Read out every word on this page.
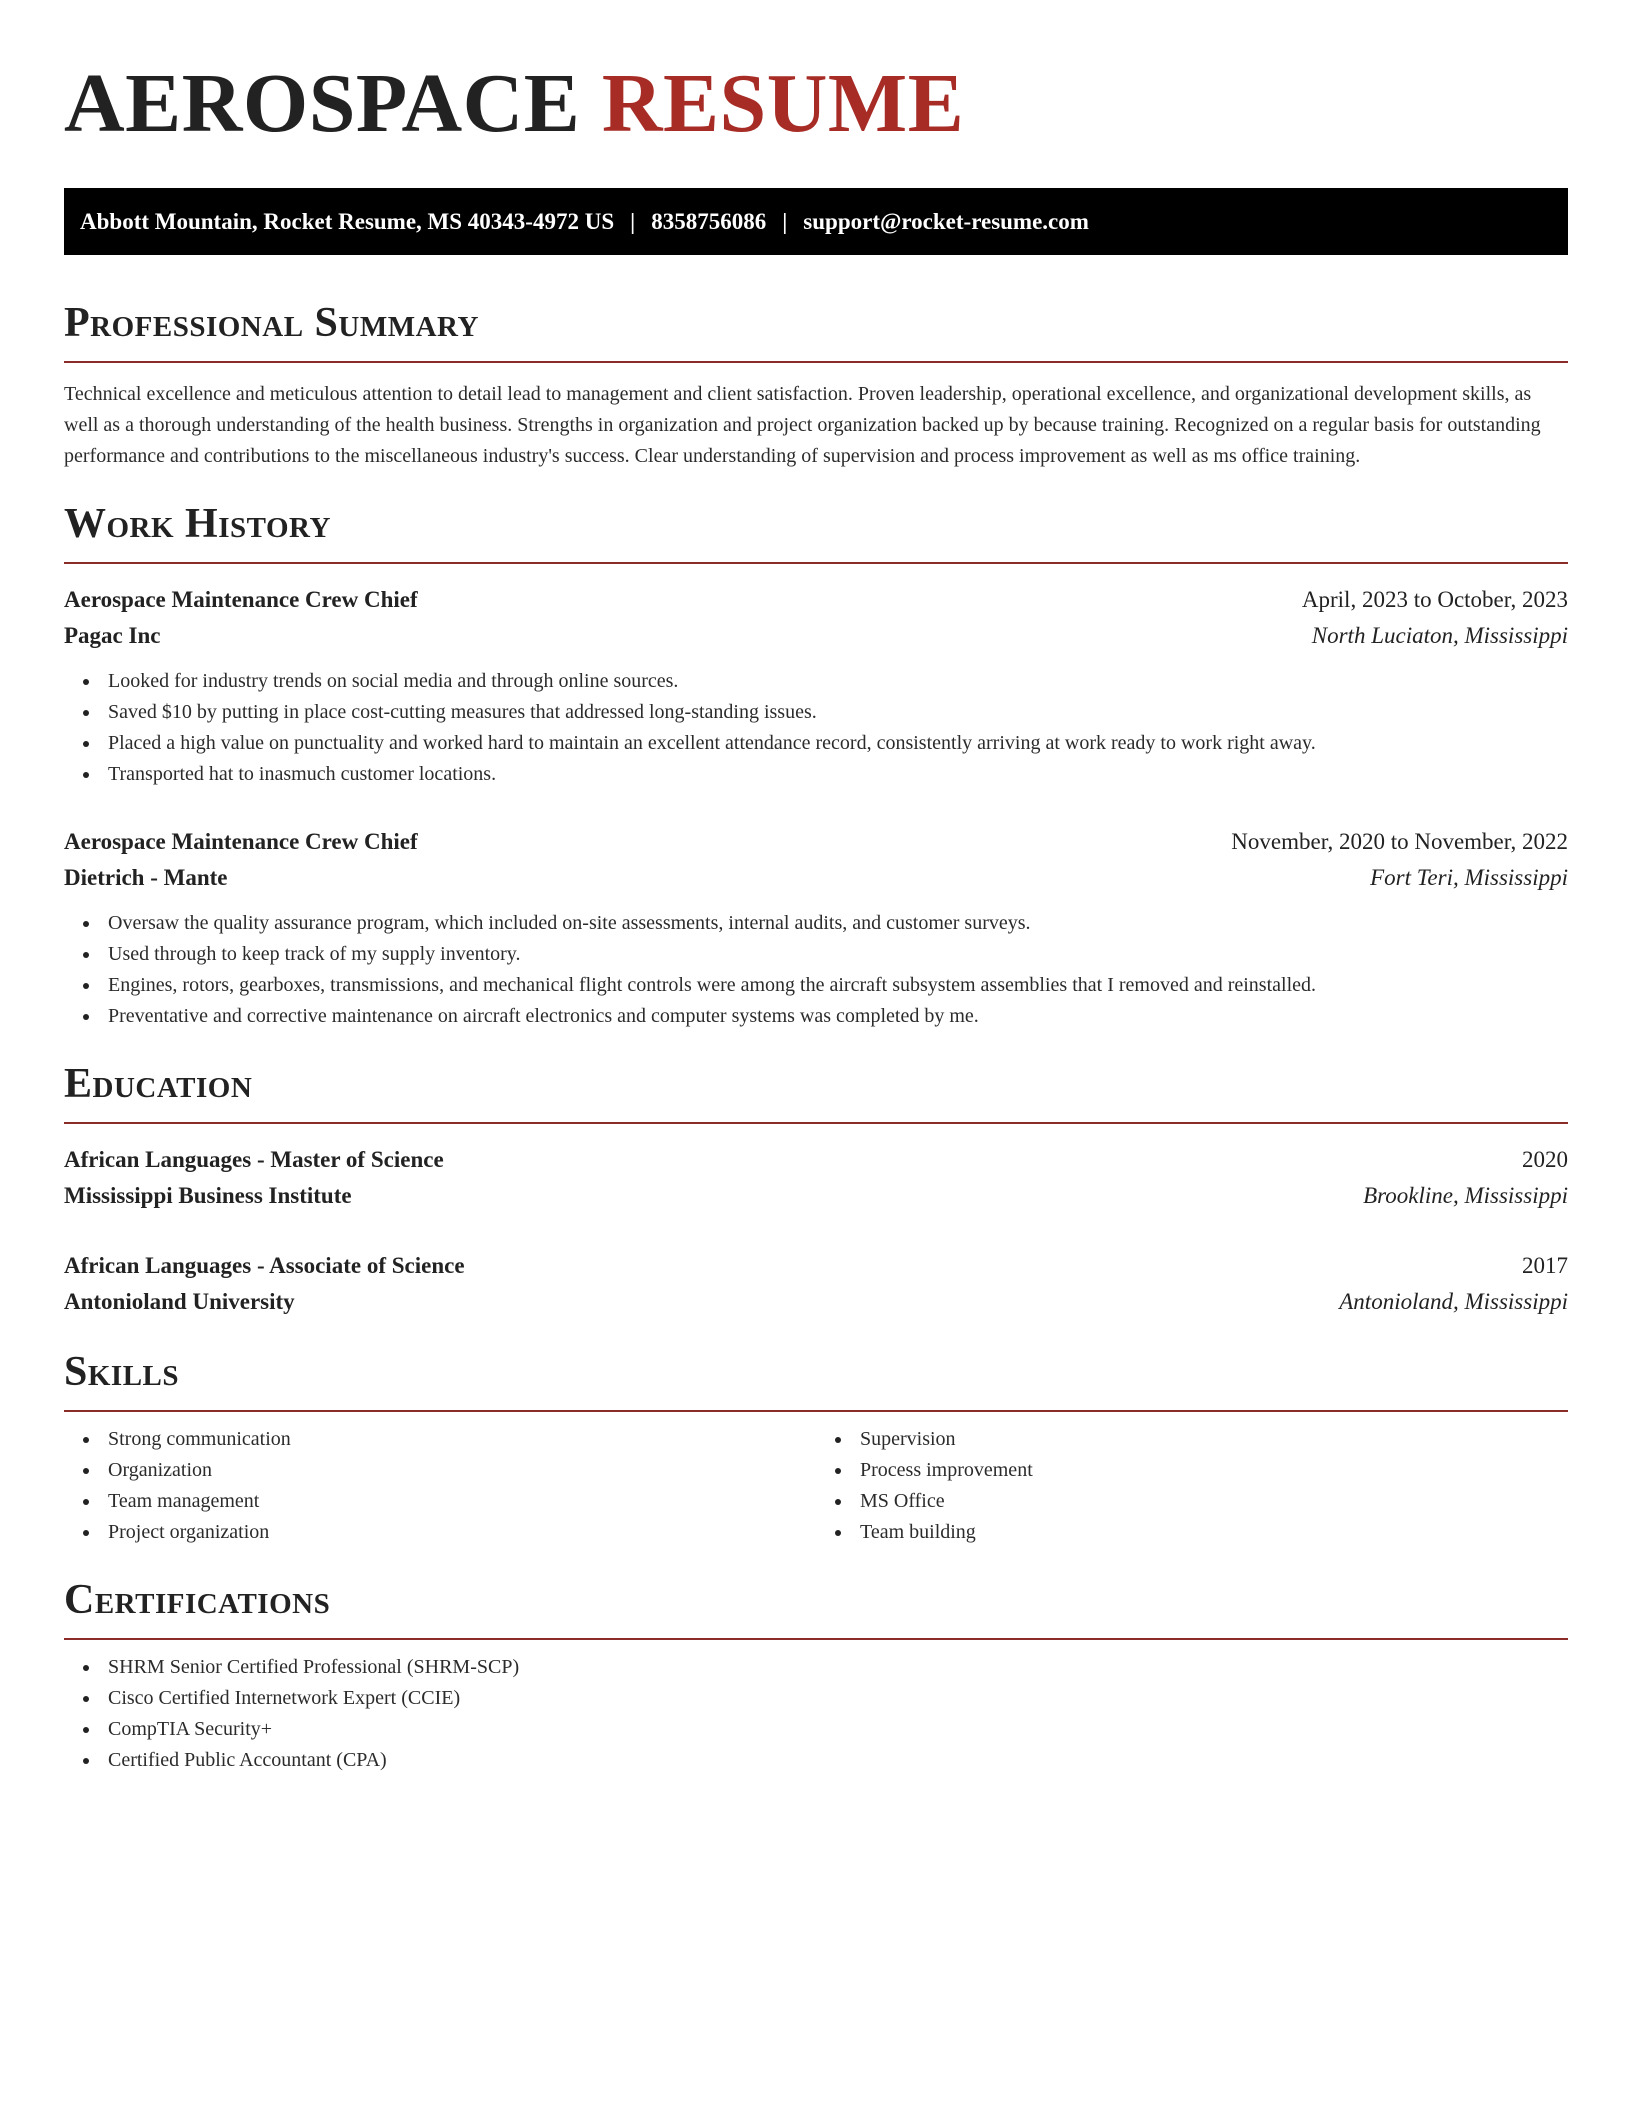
AEROSPACE RESUME
Abbott Mountain, Rocket Resume, MS 40343-4972 US | 8358756086 | support@rocket-resume.com
Professional Summary

Technical excellence and meticulous attention to detail lead to management and client satisfaction. Proven leadership, operational excellence, and organizational development skills, as well as a thorough understanding of the health business. Strengths in organization and project organization backed up by because training. Recognized on a regular basis for outstanding performance and contributions to the miscellaneous industry's success. Clear understanding of supervision and process improvement as well as ms office training.

Work History
Aerospace Maintenance Crew Chief	April, 2023 to October, 2023
Pagac Inc	North Luciaton, Mississippi
Looked for industry trends on social media and through online sources.
Saved $10 by putting in place cost-cutting measures that addressed long-standing issues.
Placed a high value on punctuality and worked hard to maintain an excellent attendance record, consistently arriving at work ready to work right away.
Transported hat to inasmuch customer locations.
Aerospace Maintenance Crew Chief	November, 2020 to November, 2022
Dietrich - Mante	Fort Teri, Mississippi
Oversaw the quality assurance program, which included on-site assessments, internal audits, and customer surveys.
Used through to keep track of my supply inventory.
Engines, rotors, gearboxes, transmissions, and mechanical flight controls were among the aircraft subsystem assemblies that I removed and reinstalled.
Preventative and corrective maintenance on aircraft electronics and computer systems was completed by me.
Education
African Languages - Master of Science	2020
Mississippi Business Institute	Brookline, Mississippi
African Languages - Associate of Science	2017
Antonioland University	Antonioland, Mississippi
Skills
Strong communication
Organization
Team management
Project organization
Supervision
Process improvement
MS Office
Team building
Certifications
SHRM Senior Certified Professional (SHRM-SCP)
Cisco Certified Internetwork Expert (CCIE)
CompTIA Security+
Certified Public Accountant (CPA)
